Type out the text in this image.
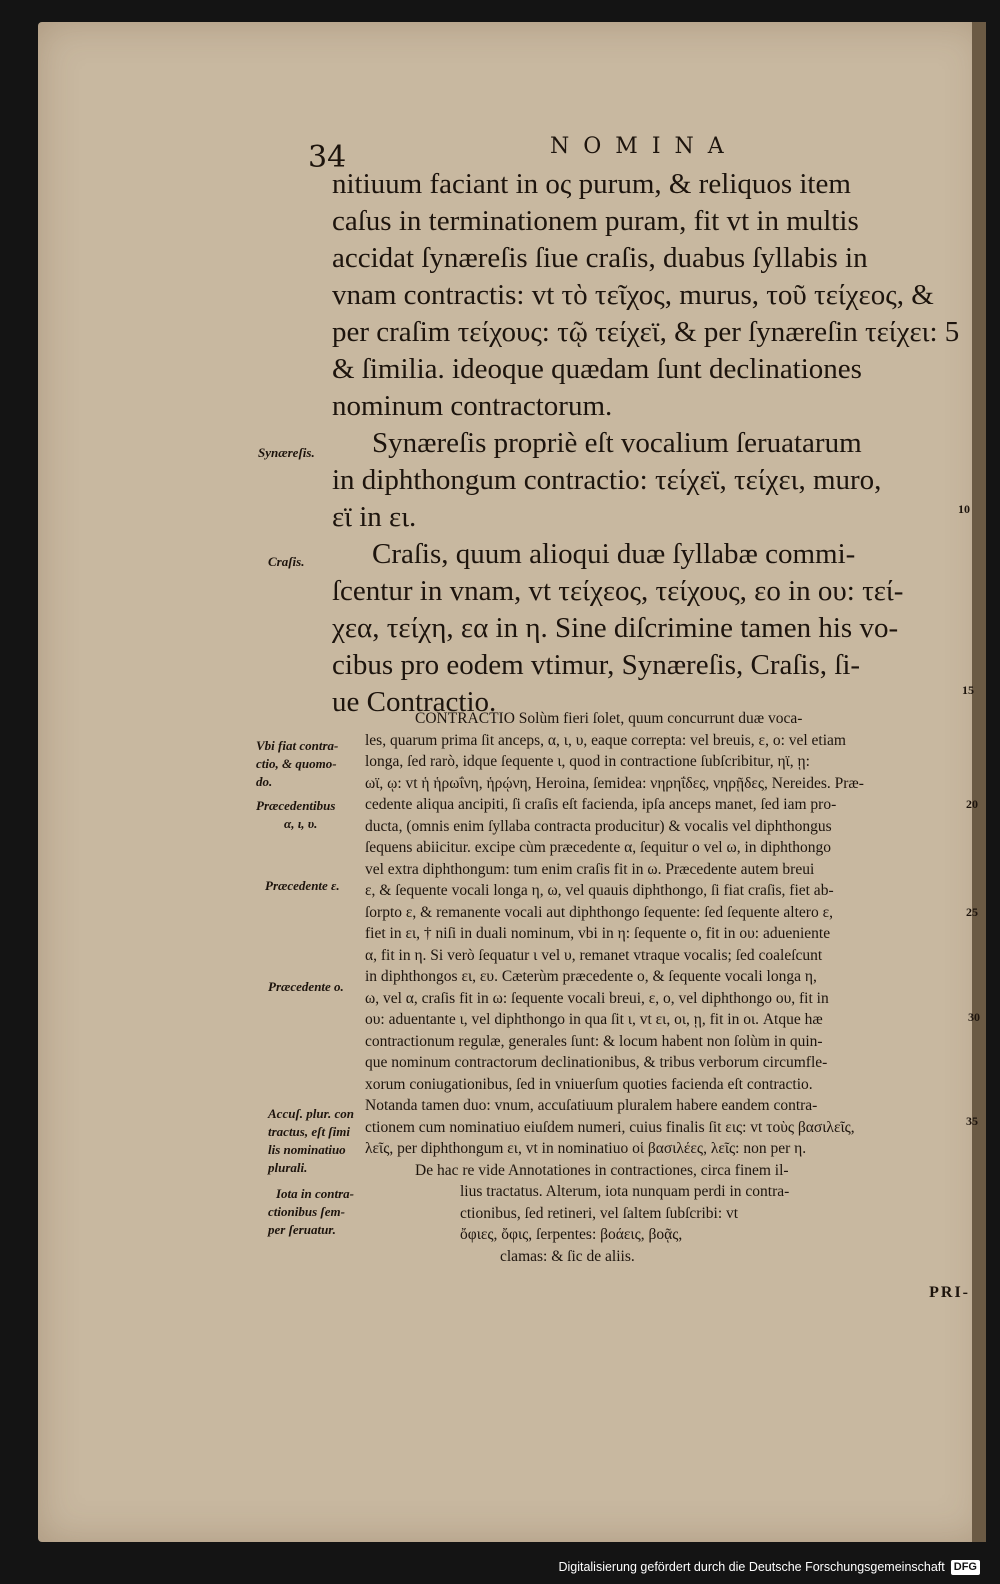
34	NOMINA
nitiuum faciant in ος purum, & reliquos item
caſus in terminationem puram, fit vt in multis
accidat ſynæreſis ſiue craſis, duabus ſyllabis in
vnam contractis: vt τὸ τεῖχος, murus, τοῦ τείχεος, &
per craſim τείχους: τῷ τείχεϊ, & per ſynæreſin τείχει: 5
& ſimilia. ideoque quædam ſunt declinationes
nominum contractorum.
Synæreſis propriè eſt vocalium ſeruatarum
in diphthongum contractio: τείχεϊ, τείχει, muro,
εϊ in ει.
Craſis, quum alioqui duæ ſyllabæ commi-
ſcentur in vnam, vt τείχεος, τείχους, εο in ου: τεί-
χεα, τείχη, εα in η. Sine diſcrimine tamen his vo-
cibus pro eodem vtimur, Synæreſis, Craſis, ſi-
ue Contractio.
CONTRACTIO Solùm fieri ſolet, quum concurrunt duæ voca-
les, quarum prima ſit anceps, α, ι, υ, eaque correpta: vel breuis, ε, ο: vel etiam
longa, ſed rarò, idque ſequente ι, quod in contractione ſubſcribitur, ηϊ, ῃ:
ωϊ, ῳ: vt ἡ ἡρωΐνη, ἡρῴνη, Heroina, ſemidea: νηρηΐδες, νηρῇδες, Nereides. Præ-
cedente aliqua ancipiti, ſi craſis eſt facienda, ipſa anceps manet, ſed iam pro-
ducta, (omnis enim ſyllaba contracta producitur) & vocalis vel diphthongus
ſequens abiicitur. excipe cùm præcedente α, ſequitur ο vel ω, in diphthongo
vel extra diphthongum: tum enim craſis fit in ω. Præcedente autem breui
ε, & ſequente vocali longa η, ω, vel quauis diphthongo, ſi fiat craſis, fiet ab-
ſorpto ε, & remanente vocali aut diphthongo ſequente: ſed ſequente altero ε,
fiet in ει, † niſi in duali nominum, vbi in η: ſequente ο, fit in ου: adueniente
α, fit in η. Si verò ſequatur ι vel υ, remanet vtraque vocalis; ſed coaleſcunt
in diphthongos ει, ευ. Cæterùm præcedente ο, & ſequente vocali longa η,
ω, vel α, craſis fit in ω: ſequente vocali breui, ε, ο, vel diphthongo ου, fit in
ου: aduentante ι, vel diphthongo in qua ſit ι, vt ει, οι, ῃ, fit in οι. Atque hæ
contractionum regulæ, generales ſunt: & locum habent non ſolùm in quin-
que nominum contractorum declinationibus, & tribus verborum circumfle-
xorum coniugationibus, ſed in vniuerſum quoties facienda eſt contractio.
Notanda tamen duo: vnum, accuſatiuum pluralem habere eandem contra-
ctionem cum nominatiuo eiuſdem numeri, cuius finalis ſit εις: vt τοὺς βασιλεῖς,
λεῖς, per diphthongum ει, vt in nominatiuo οἱ βασιλέες, λεῖς: non per η.
De hac re vide Annotationes in contractiones, circa finem il-
lius tractatus. Alterum, iota nunquam perdi in contra-
ctionibus, ſed retineri, vel ſaltem ſubſcribi: vt
ὄφιες, ὄφις, ſerpentes: βοάεις, βοᾷς,
clamas: & ſic de aliis.
Synæreſis.
Craſis.
Vbi fiat contra-
ctio, & quomo-
do.
Præcedentibus
α, ι, υ.
Præcedente ε.
Præcedente ο.
Accuſ. plur. con
tractus, eſt ſimi
lis nominatiuo
plurali.
Iota in contra-
ctionibus ſem-
per ſeruatur.
10
15
20
25
30
35
PRI-
Digitalisierung gefördert durch die Deutsche Forschungsgemeinschaft DFG
